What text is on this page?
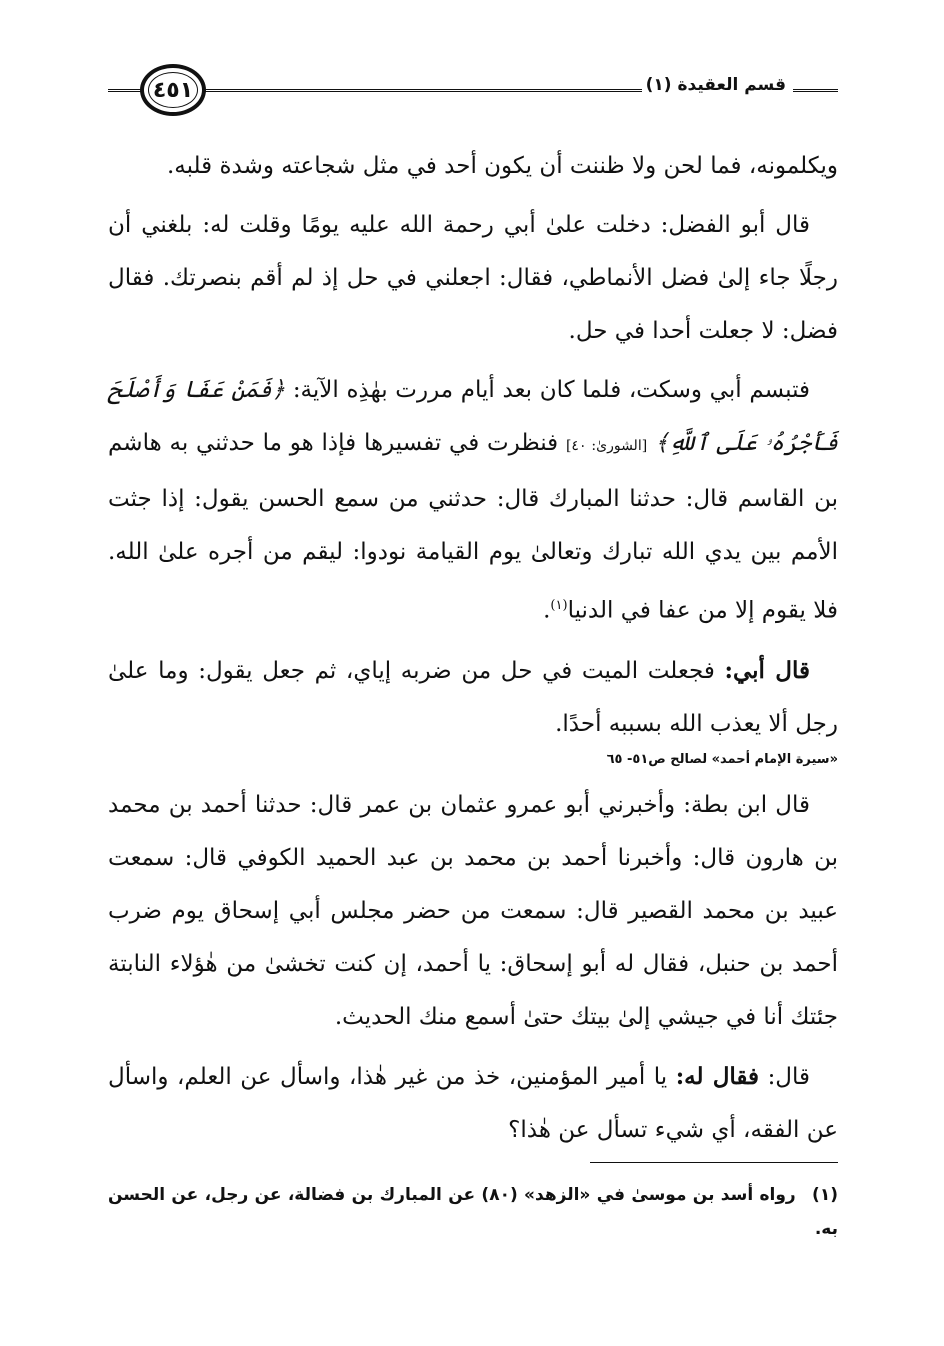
٤٥١	قسم العقيدة (١)

ويكلمونه، فما لحن ولا ظننت أن يكون أحد في مثل شجاعته وشدة قلبه.

قال أبو الفضل: دخلت علىٰ أبي رحمة الله عليه يومًا وقلت له: بلغني أن رجلًا جاء إلىٰ فضل الأنماطي، فقال: اجعلني في حل إذ لم أقم بنصرتك. فقال فضل: لا جعلت أحدا في حل.

فتبسم أبي وسكت، فلما كان بعد أيام مررت بهٰذِه الآية: ﴿فَمَنْ عَفَا وَأَصْلَحَ فَأَجْرُهُۥ عَلَى ٱللَّهِ﴾ [الشورىٰ: ٤٠] فنظرت في تفسيرها فإذا هو ما حدثني به هاشم بن القاسم قال: حدثنا المبارك قال: حدثني من سمع الحسن يقول: إذا جثت الأمم بين يدي الله تبارك وتعالىٰ يوم القيامة نودوا: ليقم من أجره علىٰ الله. فلا يقوم إلا من عفا في الدنيا$^{(١)}$.

قال أبي: فجعلت الميت في حل من ضربه إياي، ثم جعل يقول: وما علىٰ رجل ألا يعذب الله بسببه أحدًا.

«سيرة الإمام أحمد» لصالح ص٥١- ٦٥

قال ابن بطة: وأخبرني أبو عمرو عثمان بن عمر قال: حدثنا أحمد بن محمد بن هارون قال: وأخبرنا أحمد بن محمد بن عبد الحميد الكوفي قال: سمعت عبيد بن محمد القصير قال: سمعت من حضر مجلس أبي إسحاق يوم ضرب أحمد بن حنبل، فقال له أبو إسحاق: يا أحمد، إن كنت تخشىٰ من هٰؤلاء النابتة جئتك أنا في جيشي إلىٰ بيتك حتىٰ أسمع منك الحديث.

قال: فقال له: يا أمير المؤمنين، خذ من غير هٰذا، واسأل عن العلم، واسأل عن الفقه، أي شيء تسأل عن هٰذا؟

(١) رواه أسد بن موسىٰ في «الزهد» (٨٠) عن المبارك بن فضالة، عن رجل، عن الحسن به.
